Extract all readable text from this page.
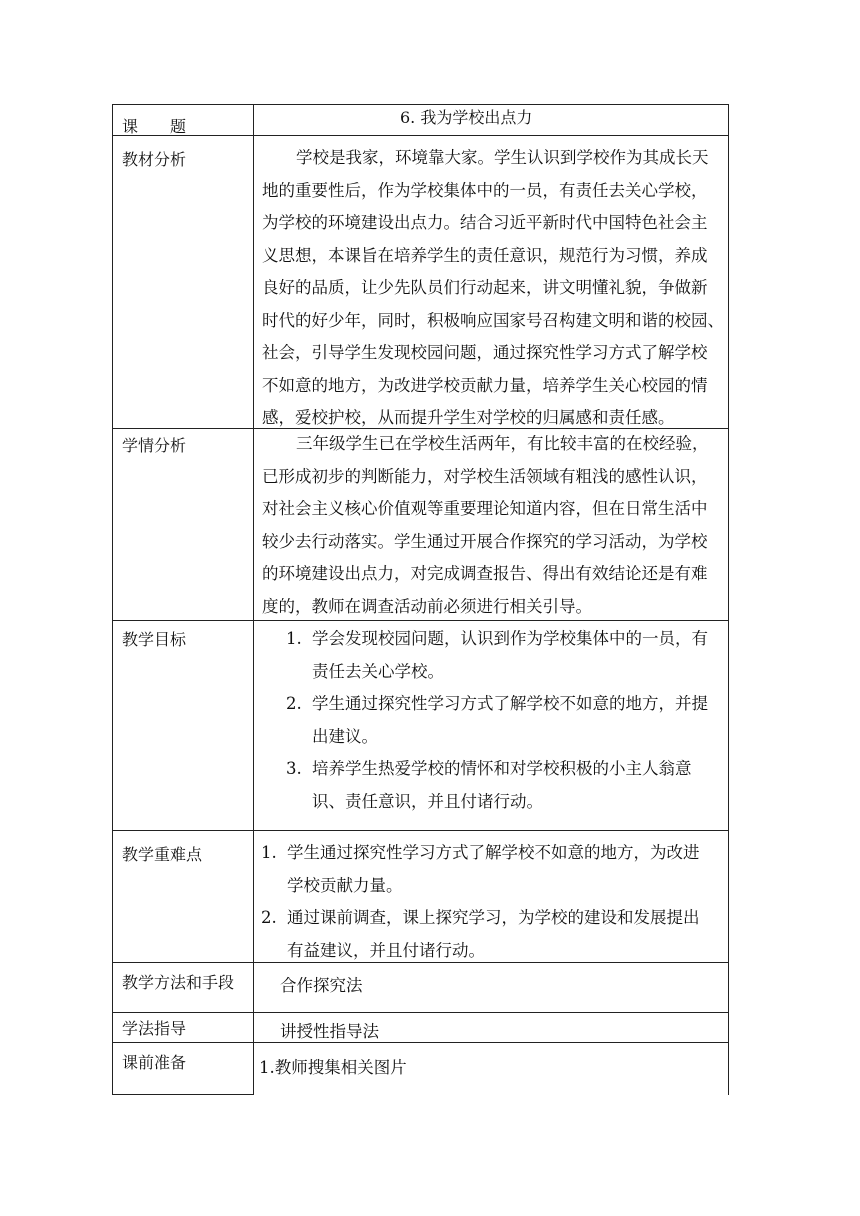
课　　题	6. 我为学校出点力
教材分析	学校是我家，环境靠大家。学生认识到学校作为其成长天
地的重要性后，作为学校集体中的一员，有责任去关心学校，
为学校的环境建设出点力。结合习近平新时代中国特色社会主
义思想，本课旨在培养学生的责任意识，规范行为习惯，养成
良好的品质，让少先队员们行动起来，讲文明懂礼貌，争做新
时代的好少年，同时，积极响应国家号召构建文明和谐的校园、
社会，引导学生发现校园问题，通过探究性学习方式了解学校
不如意的地方，为改进学校贡献力量，培养学生关心校园的情
感，爱校护校，从而提升学生对学校的归属感和责任感。
学情分析	三年级学生已在学校生活两年，有比较丰富的在校经验，
已形成初步的判断能力，对学校生活领域有粗浅的感性认识，
对社会主义核心价值观等重要理论知道内容，但在日常生活中
较少去行动落实。学生通过开展合作探究的学习活动，为学校
的环境建设出点力，对完成调查报告、得出有效结论还是有难
度的，教师在调查活动前必须进行相关引导。
教学目标	1. 学会发现校园问题，认识到作为学校集体中的一员，有
责任去关心学校。
2. 学生通过探究性学习方式了解学校不如意的地方，并提
出建议。
3. 培养学生热爱学校的情怀和对学校积极的小主人翁意
识、责任意识，并且付诸行动。
教学重难点	1. 学生通过探究性学习方式了解学校不如意的地方，为改进
学校贡献力量。
2. 通过课前调查，课上探究学习，为学校的建设和发展提出
有益建议，并且付诸行动。
教学方法和手段	合作探究法
学法指导	讲授性指导法
课前准备	1.教师搜集相关图片
